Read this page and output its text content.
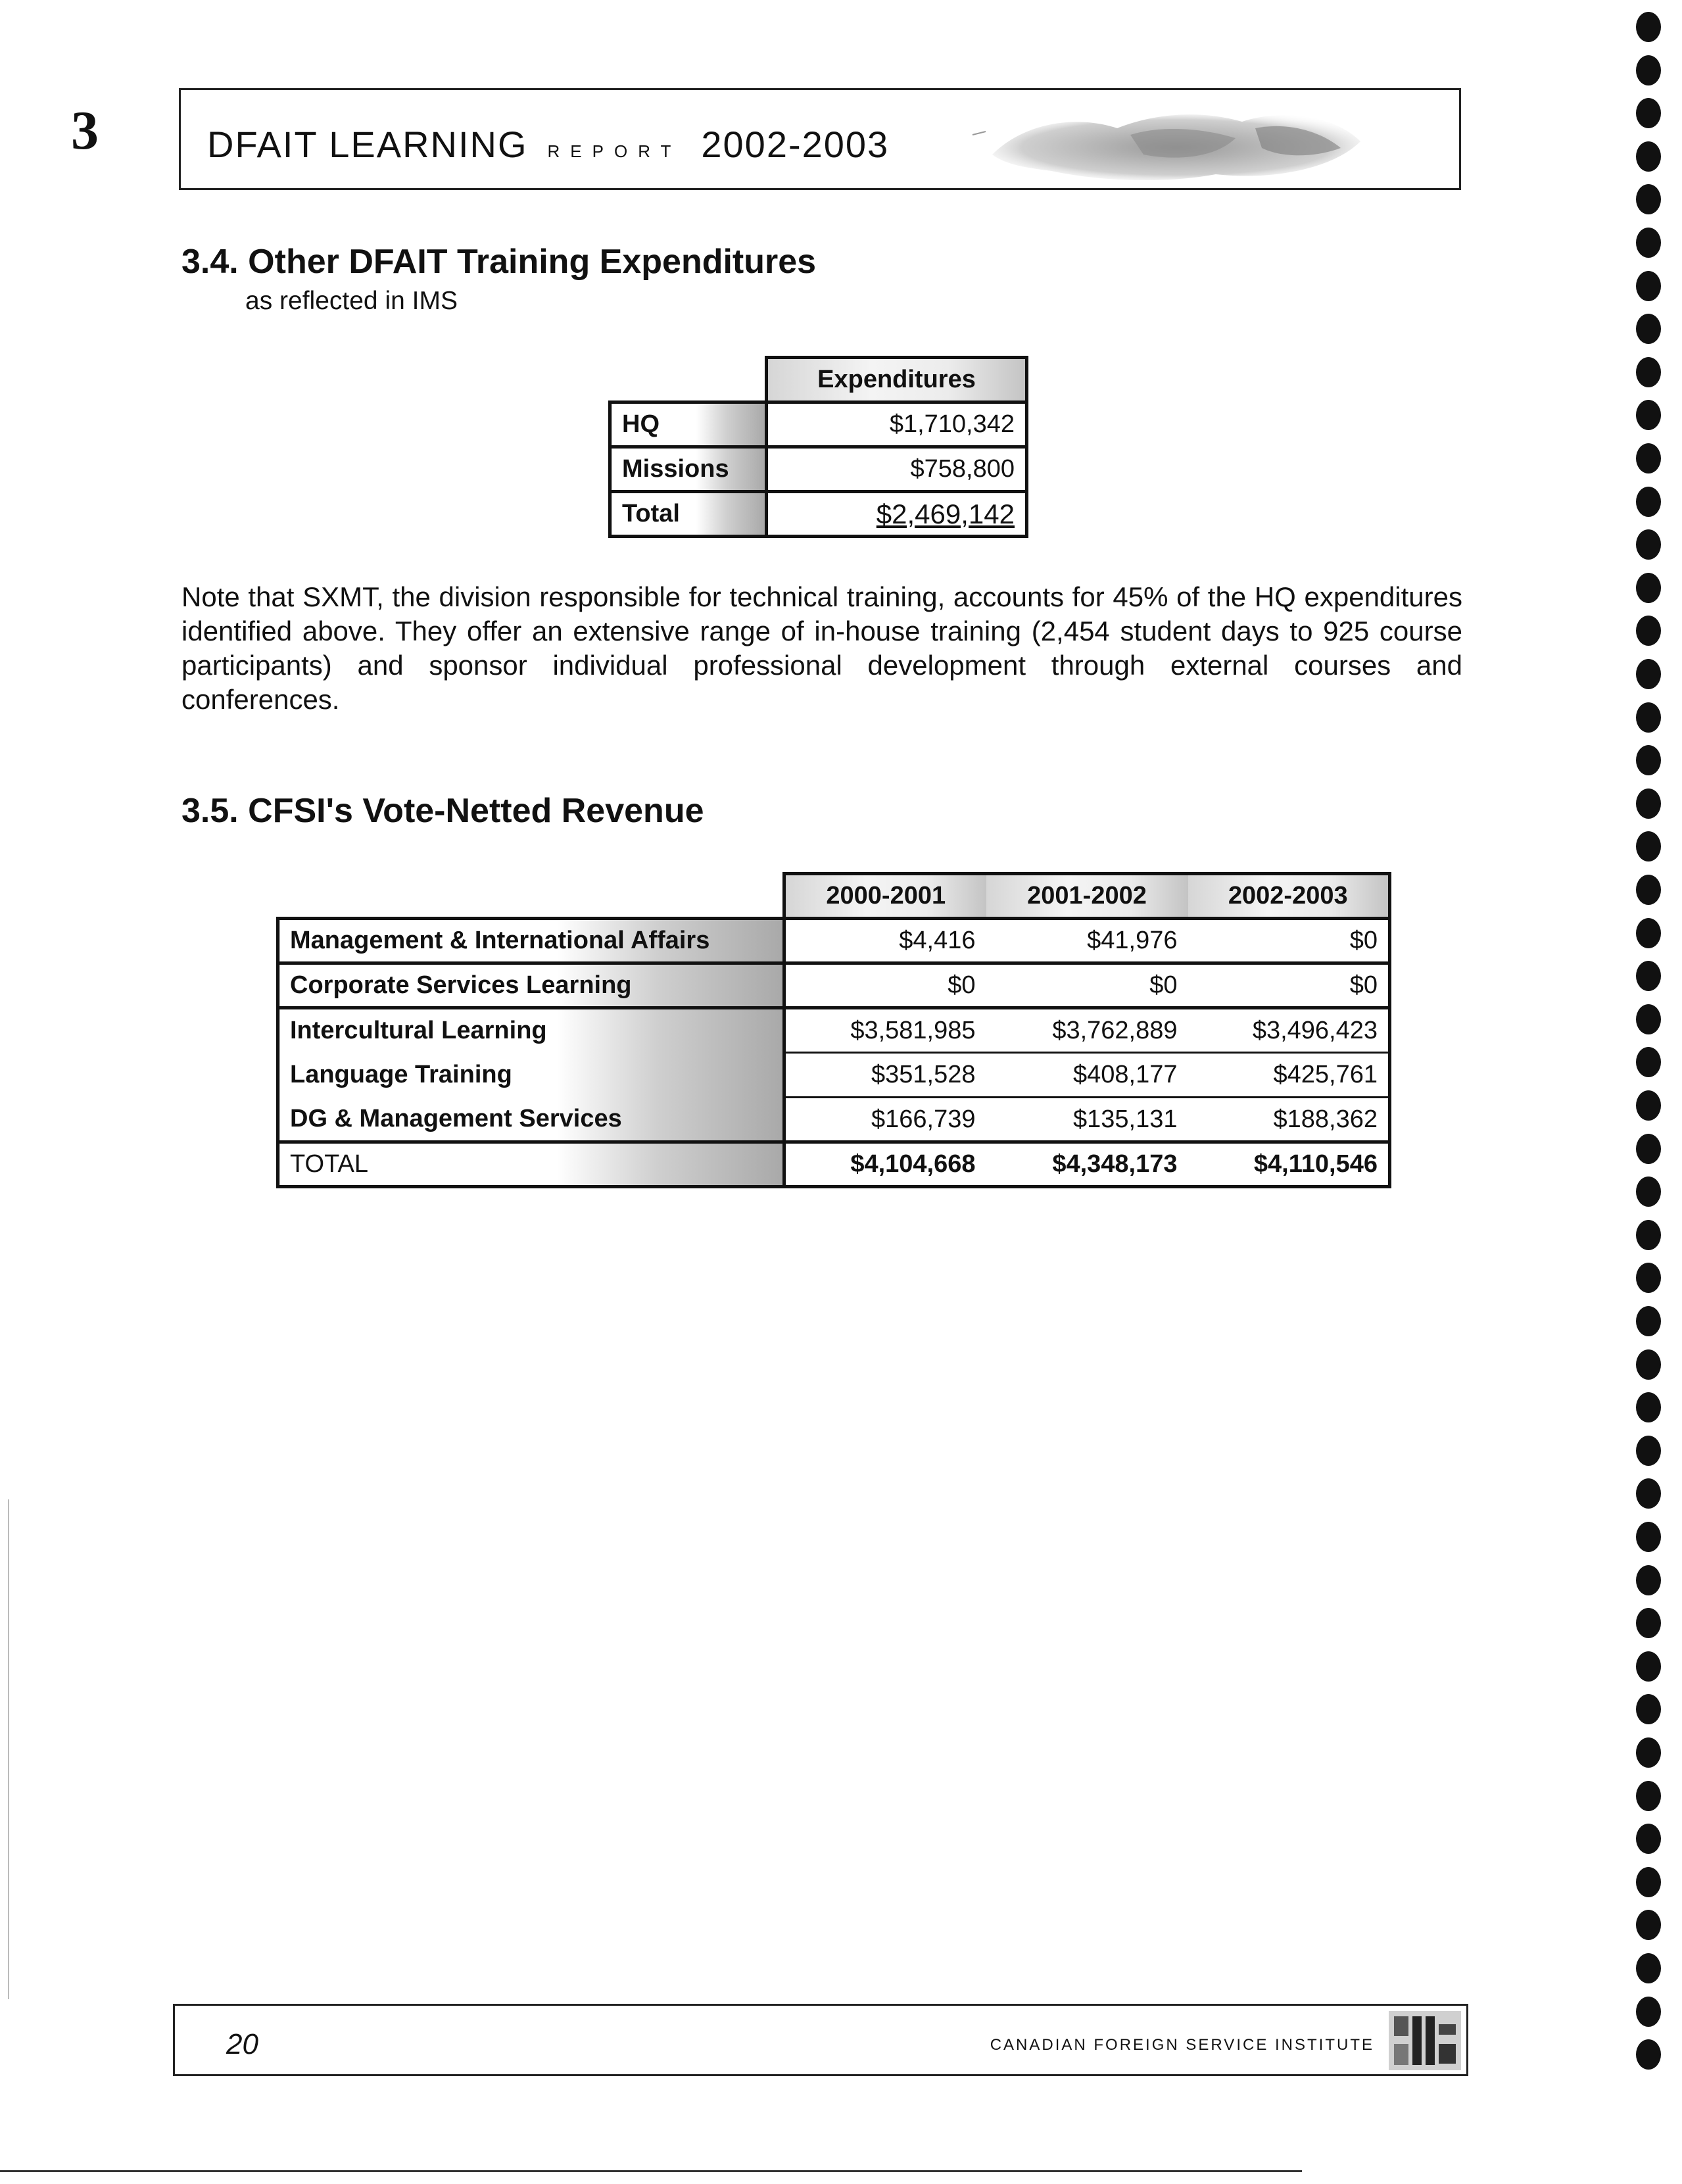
3	DFAIT LEARNING REPORT 2002-2003
3.4. Other DFAIT Training Expenditures
as reflected in IMS
	Expenditures
HQ	$1,710,342
Missions	$758,800
Total	$2,469,142
Note that SXMT, the division responsible for technical training, accounts for 45% of the HQ expenditures identified above. They offer an extensive range of in-house training (2,454 student days to 925 course participants) and sponsor individual professional development through external courses and conferences.
3.5. CFSI's Vote-Netted Revenue
	2000-2001	2001-2002	2002-2003
Management & International Affairs	$4,416	$41,976	$0
Corporate Services Learning	$0	$0	$0
Intercultural Learning	$3,581,985	$3,762,889	$3,496,423
Language Training	$351,528	$408,177	$425,761
DG & Management Services	$166,739	$135,131	$188,362
TOTAL	$4,104,668	$4,348,173	$4,110,546
20	CANADIAN FOREIGN SERVICE INSTITUTE
